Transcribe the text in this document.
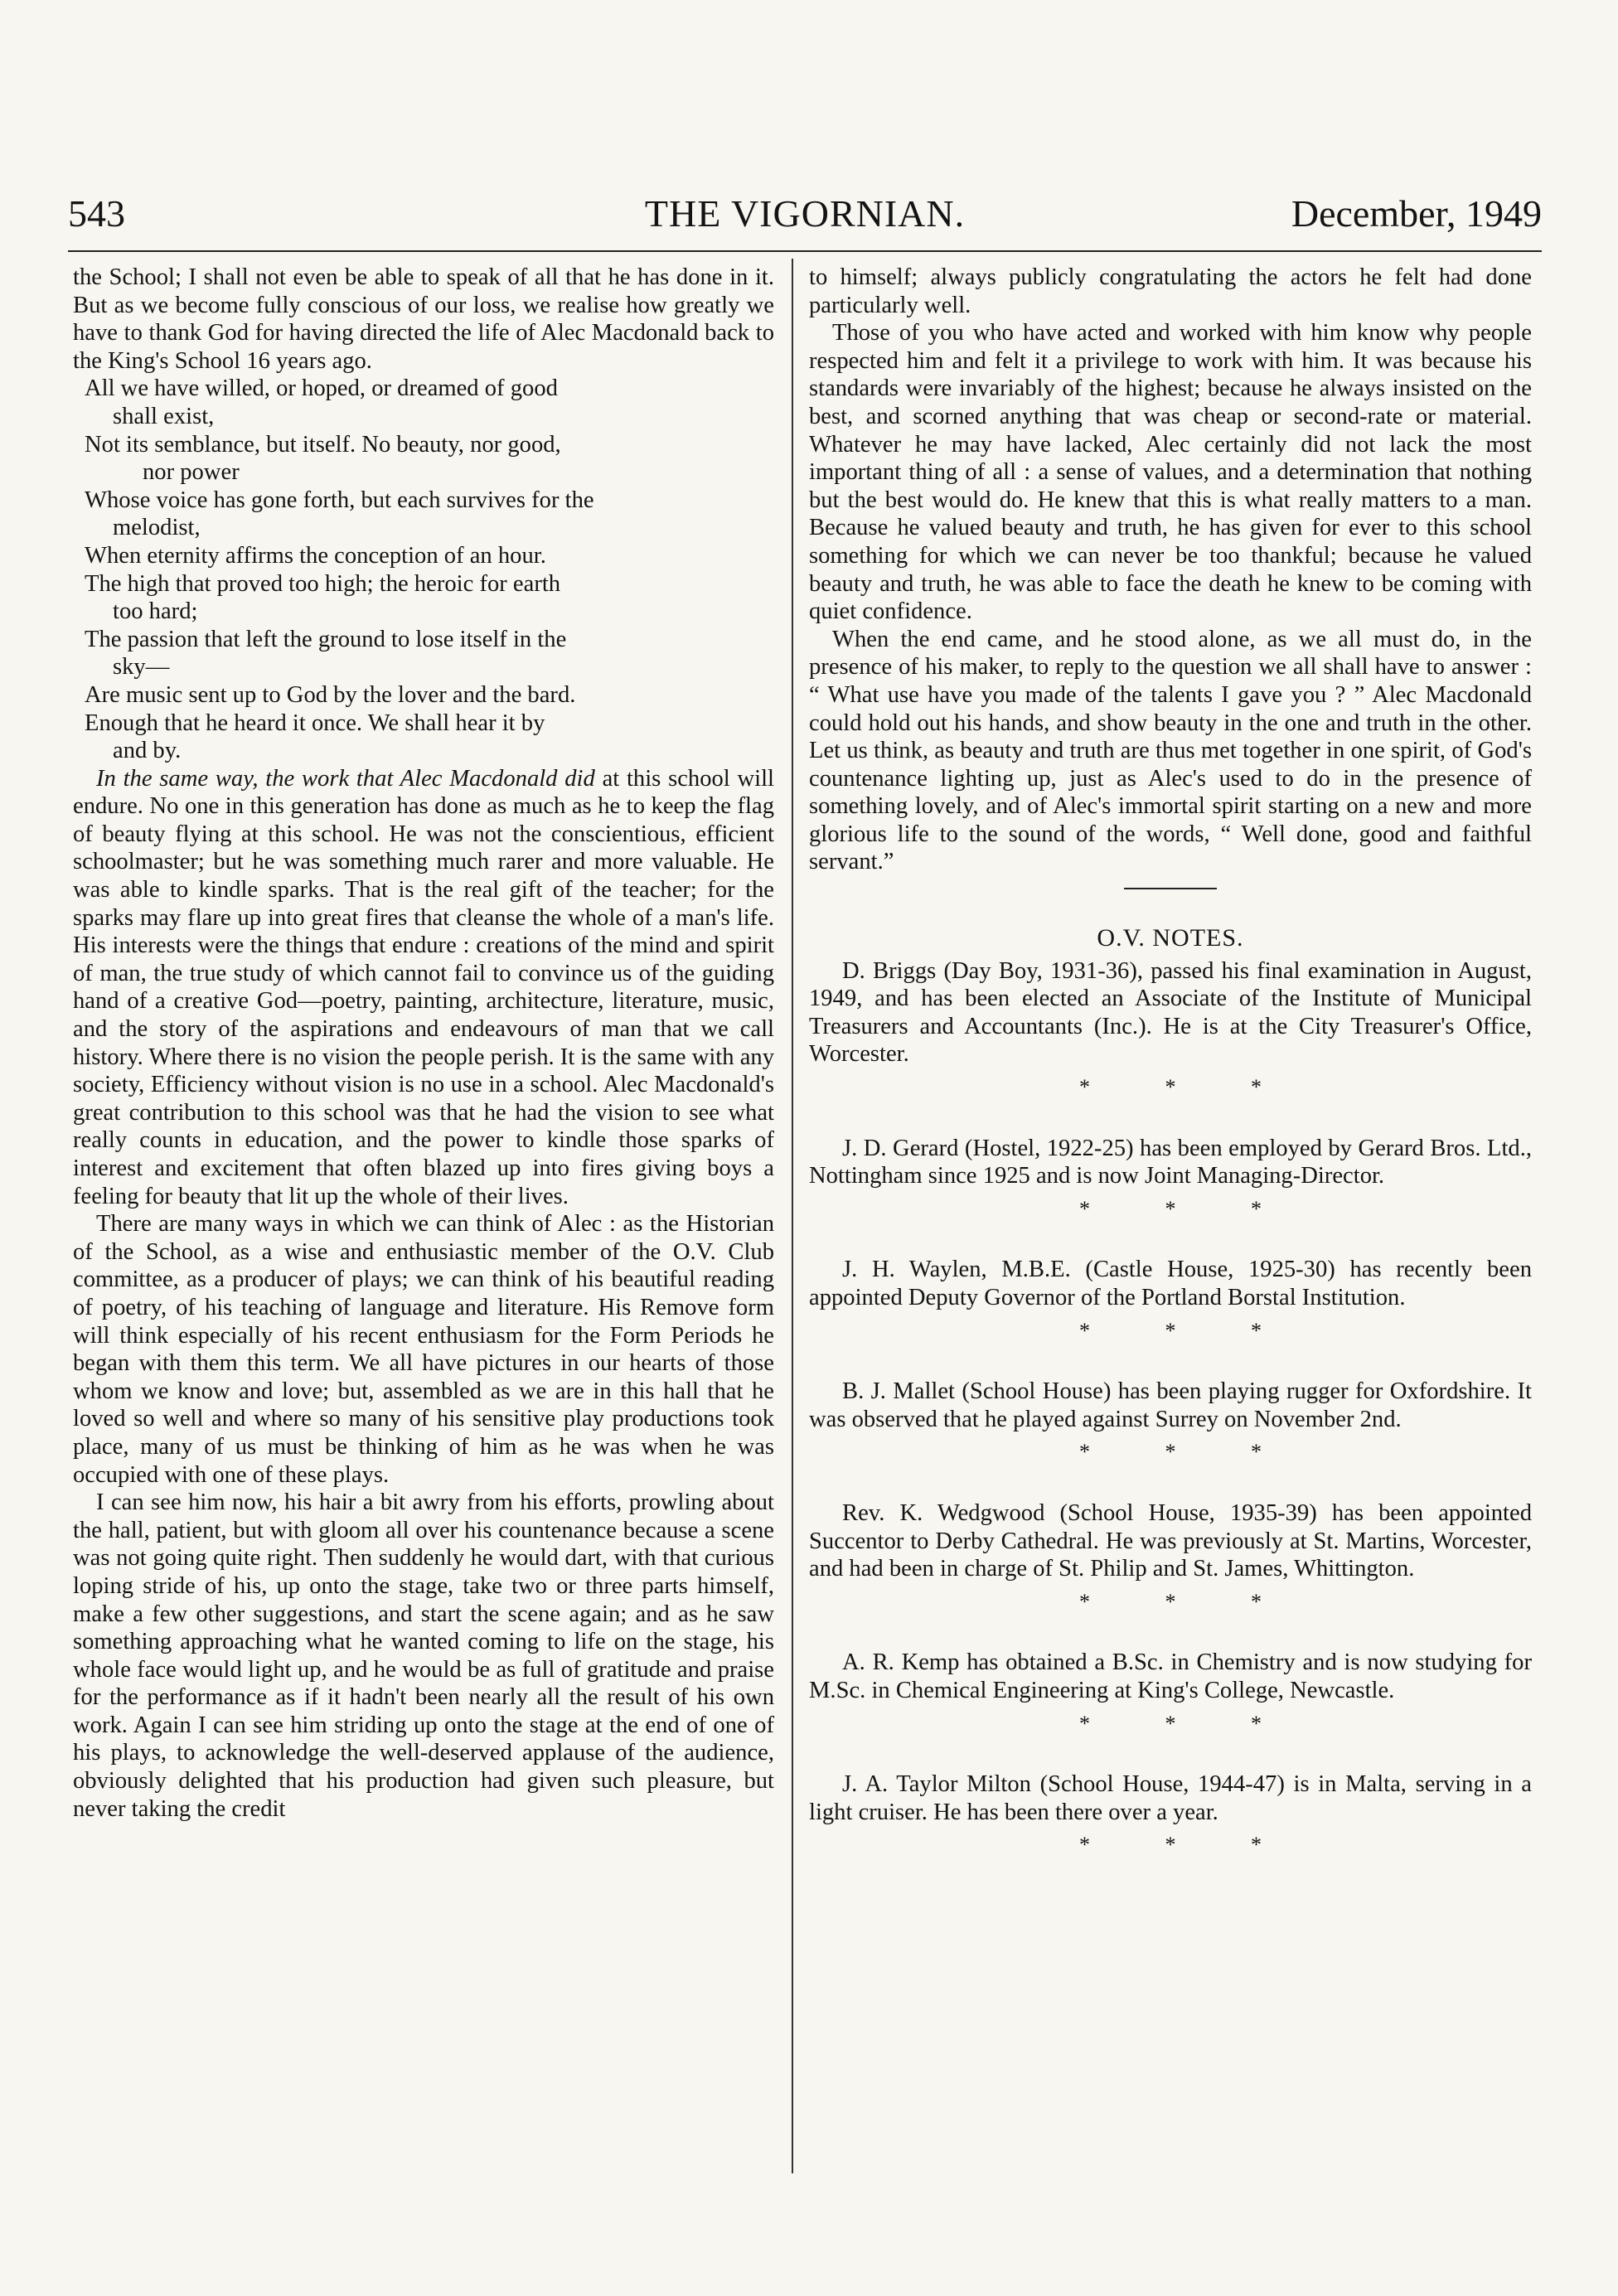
543	THE VIGORNIAN.	December, 1949

the School; I shall not even be able to speak of all that he has done in it. But as we become fully conscious of our loss, we realise how greatly we have to thank God for having directed the life of Alec Macdonald back to the King's School 16 years ago.

All we have willed, or hoped, or dreamed of good
shall exist,
Not its semblance, but itself. No beauty, nor good,
nor power
Whose voice has gone forth, but each survives for the
melodist,
When eternity affirms the conception of an hour.
The high that proved too high; the heroic for earth
too hard;
The passion that left the ground to lose itself in the
sky—
Are music sent up to God by the lover and the bard.
Enough that he heard it once. We shall hear it by
and by.

In the same way, the work that Alec Macdonald did at this school will endure. No one in this generation has done as much as he to keep the flag of beauty flying at this school. He was not the conscientious, efficient schoolmaster; but he was something much rarer and more valuable. He was able to kindle sparks. That is the real gift of the teacher; for the sparks may flare up into great fires that cleanse the whole of a man's life. His interests were the things that endure : creations of the mind and spirit of man, the true study of which cannot fail to convince us of the guiding hand of a creative God—poetry, painting, architecture, literature, music, and the story of the aspirations and endeavours of man that we call history. Where there is no vision the people perish. It is the same with any society, Efficiency without vision is no use in a school. Alec Macdonald's great contribution to this school was that he had the vision to see what really counts in education, and the power to kindle those sparks of interest and excitement that often blazed up into fires giving boys a feeling for beauty that lit up the whole of their lives.

There are many ways in which we can think of Alec : as the Historian of the School, as a wise and enthusiastic member of the O.V. Club committee, as a producer of plays; we can think of his beautiful reading of poetry, of his teaching of language and literature. His Remove form will think especially of his recent enthusiasm for the Form Periods he began with them this term. We all have pictures in our hearts of those whom we know and love; but, assembled as we are in this hall that he loved so well and where so many of his sensitive play productions took place, many of us must be thinking of him as he was when he was occupied with one of these plays.

I can see him now, his hair a bit awry from his efforts, prowling about the hall, patient, but with gloom all over his countenance because a scene was not going quite right. Then suddenly he would dart, with that curious loping stride of his, up onto the stage, take two or three parts himself, make a few other suggestions, and start the scene again; and as he saw something approaching what he wanted coming to life on the stage, his whole face would light up, and he would be as full of gratitude and praise for the performance as if it hadn't been nearly all the result of his own work. Again I can see him striding up onto the stage at the end of one of his plays, to acknowledge the well-deserved applause of the audience, obviously delighted that his production had given such pleasure, but never taking the credit

to himself; always publicly congratulating the actors he felt had done particularly well.

Those of you who have acted and worked with him know why people respected him and felt it a privilege to work with him. It was because his standards were invariably of the highest; because he always insisted on the best, and scorned anything that was cheap or second-rate or material. Whatever he may have lacked, Alec certainly did not lack the most important thing of all : a sense of values, and a determination that nothing but the best would do. He knew that this is what really matters to a man. Because he valued beauty and truth, he has given for ever to this school something for which we can never be too thankful; because he valued beauty and truth, he was able to face the death he knew to be coming with quiet confidence.

When the end came, and he stood alone, as we all must do, in the presence of his maker, to reply to the question we all shall have to answer : “ What use have you made of the talents I gave you ? ” Alec Macdonald could hold out his hands, and show beauty in the one and truth in the other. Let us think, as beauty and truth are thus met together in one spirit, of God's countenance lighting up, just as Alec's used to do in the presence of something lovely, and of Alec's immortal spirit starting on a new and more glorious life to the sound of the words, “ Well done, good and faithful servant.”

O.V. NOTES.

D. Briggs (Day Boy, 1931-36), passed his final examination in August, 1949, and has been elected an Associate of the Institute of Municipal Treasurers and Accountants (Inc.). He is at the City Treasurer's Office, Worcester.

* * *

J. D. Gerard (Hostel, 1922-25) has been employed by Gerard Bros. Ltd., Nottingham since 1925 and is now Joint Managing-Director.

* * *

J. H. Waylen, M.B.E. (Castle House, 1925-30) has recently been appointed Deputy Governor of the Portland Borstal Institution.

* * *

B. J. Mallet (School House) has been playing rugger for Oxfordshire. It was observed that he played against Surrey on November 2nd.

* * *

Rev. K. Wedgwood (School House, 1935-39) has been appointed Succentor to Derby Cathedral. He was previously at St. Martins, Worcester, and had been in charge of St. Philip and St. James, Whittington.

* * *

A. R. Kemp has obtained a B.Sc. in Chemistry and is now studying for M.Sc. in Chemical Engineering at King's College, Newcastle.

* * *

J. A. Taylor Milton (School House, 1944-47) is in Malta, serving in a light cruiser. He has been there over a year.

* * *
